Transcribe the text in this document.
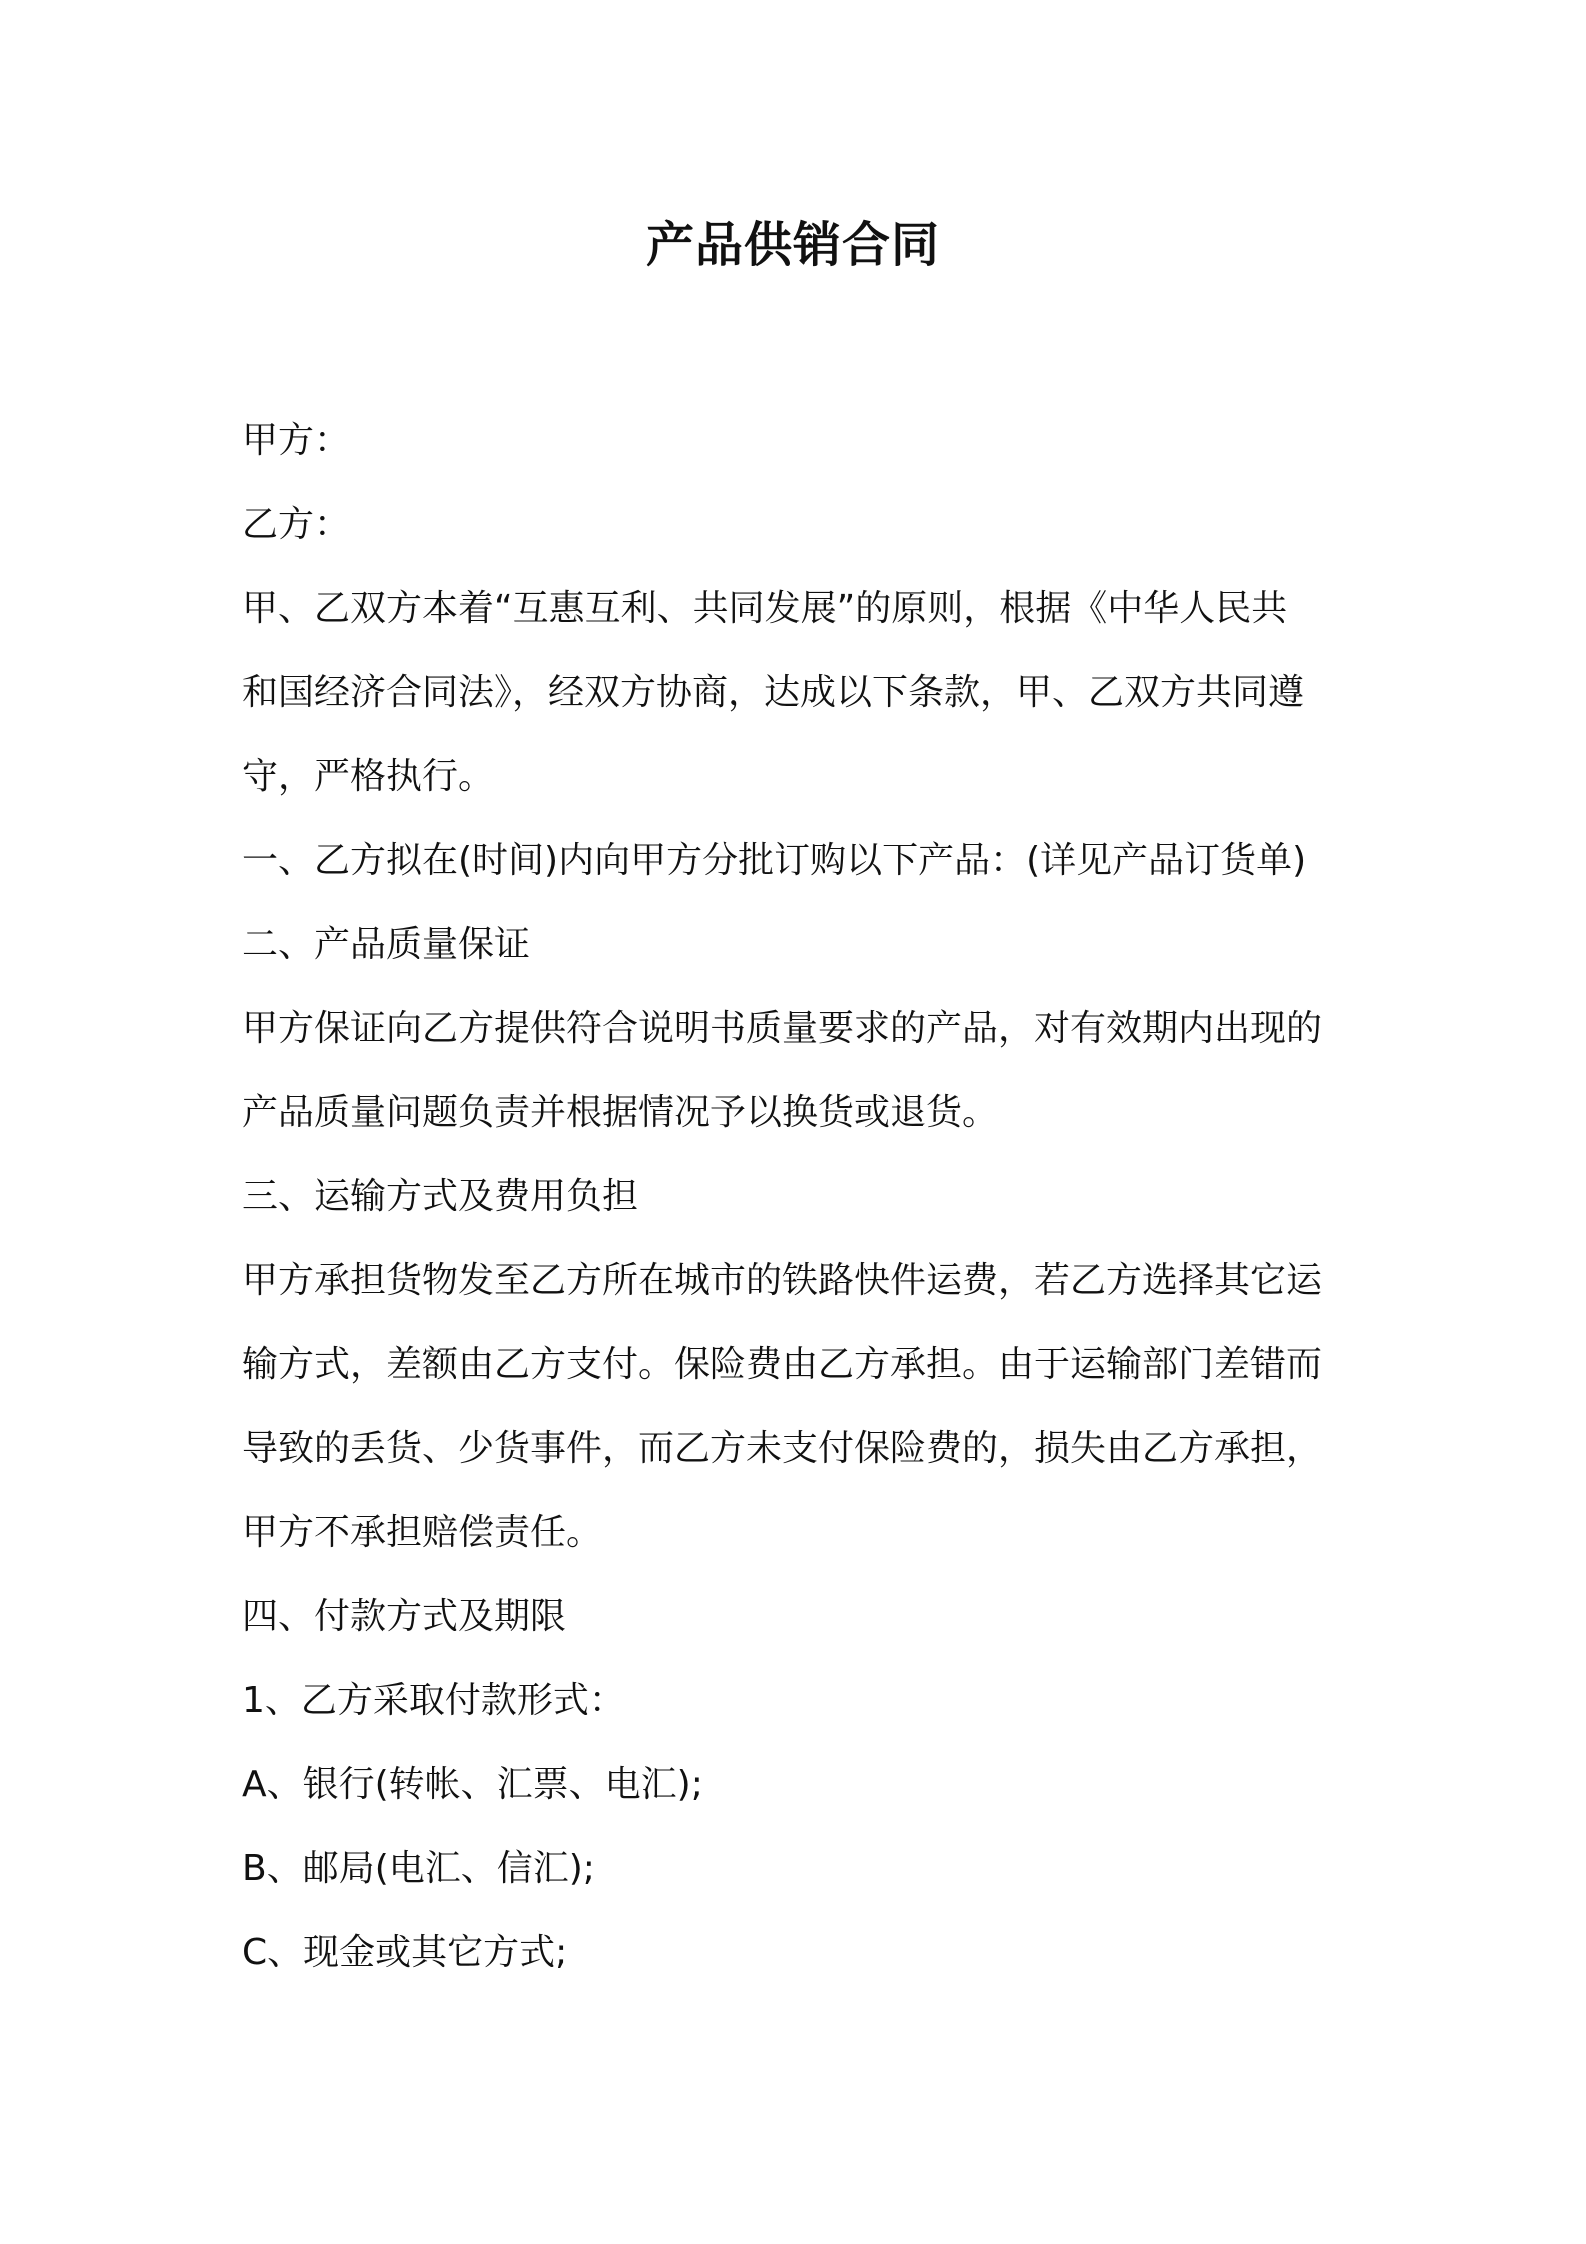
产品供销合同
甲方：
乙方：
甲、乙双方本着“互惠互利、共同发展”的原则，根据《中华人民共
和国经济合同法》，经双方协商，达成以下条款，甲、乙双方共同遵
守，严格执行。
一、乙方拟在(时间)内向甲方分批订购以下产品：(详见产品订货单)
二、产品质量保证
甲方保证向乙方提供符合说明书质量要求的产品，对有效期内出现的
产品质量问题负责并根据情况予以换货或退货。
三、运输方式及费用负担
甲方承担货物发至乙方所在城市的铁路快件运费，若乙方选择其它运
输方式，差额由乙方支付。保险费由乙方承担。由于运输部门差错而
导致的丢货、少货事件，而乙方未支付保险费的，损失由乙方承担，
甲方不承担赔偿责任。
四、付款方式及期限
1、乙方采取付款形式：
A、银行(转帐、汇票、电汇);
B、邮局(电汇、信汇);
C、现金或其它方式;
